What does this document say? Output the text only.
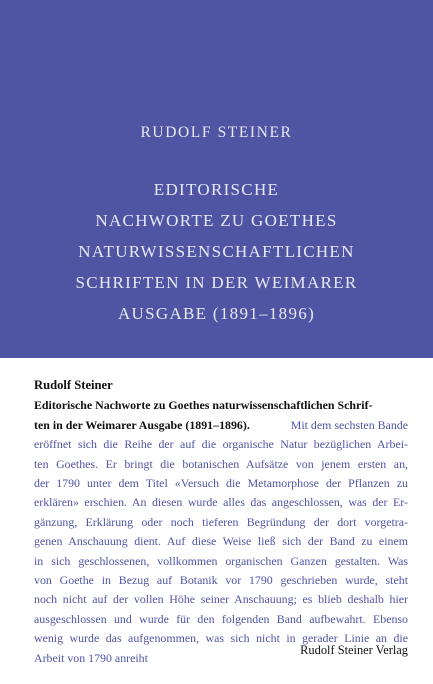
RUDOLF STEINER
EDITORISCHE
NACHWORTE ZU GOETHES
NATURWISSENSCHAFTLICHEN
SCHRIFTEN IN DER WEIMARER
AUSGABE (1891–1896)
Rudolf Steiner
Editorische Nachworte zu Goethes naturwissenschaftlichen Schrif-
ten in der Weimarer Ausgabe (1891–1896).	Mit dem sechsten Bande
eröffnet sich die Reihe der auf die organische Natur bezüglichen Arbei-
ten Goethes. Er bringt die botanischen Aufsätze von jenem ersten an,
der 1790 unter dem Titel «Versuch die Metamorphose der Pflanzen zu
erklären» erschien. An diesen wurde alles das angeschlossen, was der Er-
gänzung, Erklärung oder noch tieferen Begründung der dort vorgetra-
genen Anschauung dient. Auf diese Weise ließ sich der Band zu einem
in sich geschlossenen, vollkommen organischen Ganzen gestalten. Was
von Goethe in Bezug auf Botanik vor 1790 geschrieben wurde, steht
noch nicht auf der vollen Höhe seiner Anschauung; es blieb deshalb hier
ausgeschlossen und wurde für den folgenden Band aufbewahrt. Ebenso
wenig wurde das aufgenommen, was sich nicht in gerader Linie an die
Arbeit von 1790 anreiht
Rudolf Steiner Verlag
